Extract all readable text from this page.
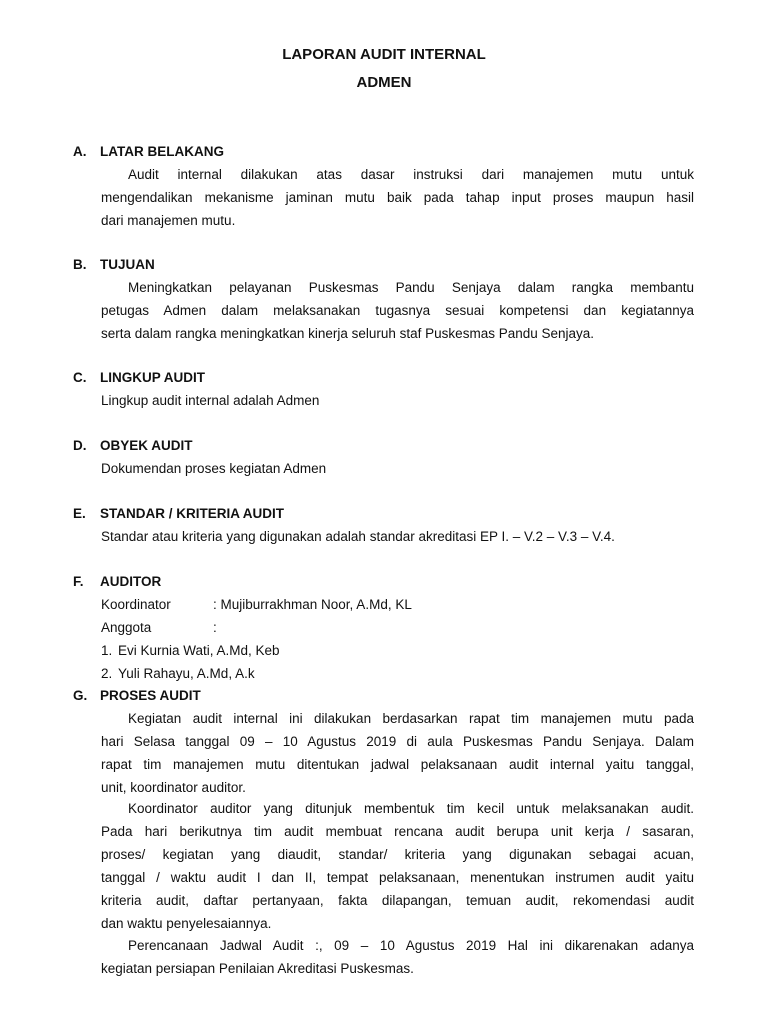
LAPORAN AUDIT INTERNAL
ADMEN
A. LATAR BELAKANG
Audit internal dilakukan atas dasar instruksi dari manajemen mutu untuk
mengendalikan mekanisme jaminan mutu baik pada tahap input proses maupun hasil
dari manajemen mutu.
B. TUJUAN
Meningkatkan pelayanan Puskesmas Pandu Senjaya dalam rangka membantu
petugas Admen dalam melaksanakan tugasnya sesuai kompetensi dan kegiatannya
serta dalam rangka meningkatkan kinerja seluruh staf Puskesmas Pandu Senjaya.
C. LINGKUP AUDIT
Lingkup audit internal adalah Admen
D. OBYEK AUDIT
Dokumendan proses kegiatan Admen
E. STANDAR / KRITERIA AUDIT
Standar atau kriteria yang digunakan adalah standar akreditasi EP I. – V.2 – V.3 – V.4.
F. AUDITOR
Koordinator	: Mujiburrakhman Noor, A.Md, KL
Anggota	:
1. Evi Kurnia Wati, A.Md, Keb
2. Yuli Rahayu, A.Md, A.k
G. PROSES AUDIT
Kegiatan audit internal ini dilakukan berdasarkan rapat tim manajemen mutu pada
hari Selasa tanggal 09 – 10 Agustus 2019 di aula Puskesmas Pandu Senjaya. Dalam
rapat tim manajemen mutu ditentukan jadwal pelaksanaan audit internal yaitu tanggal,
unit, koordinator auditor.
Koordinator auditor yang ditunjuk membentuk tim kecil untuk melaksanakan audit.
Pada hari berikutnya tim audit membuat rencana audit berupa unit kerja / sasaran,
proses/ kegiatan yang diaudit, standar/ kriteria yang digunakan sebagai acuan,
tanggal / waktu audit I dan II, tempat pelaksanaan, menentukan instrumen audit yaitu
kriteria audit, daftar pertanyaan, fakta dilapangan, temuan audit, rekomendasi audit
dan waktu penyelesaiannya.
Perencanaan Jadwal Audit :, 09 – 10 Agustus 2019 Hal ini dikarenakan adanya
kegiatan persiapan Penilaian Akreditasi Puskesmas.
